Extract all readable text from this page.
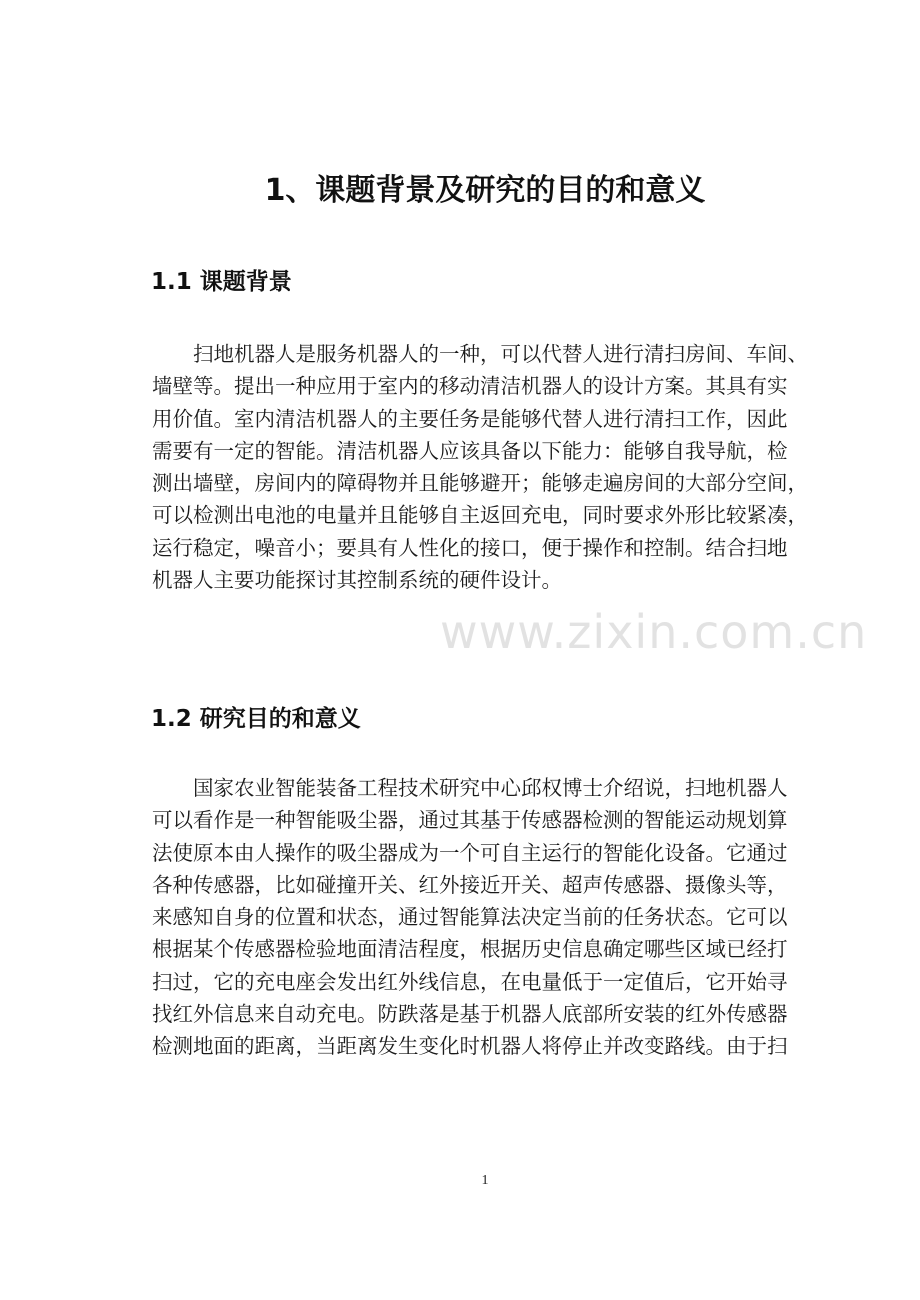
1、课题背景及研究的目的和意义
1.1 课题背景
扫地机器人是服务机器人的一种，可以代替人进行清扫房间、车间、
墙壁等。提出一种应用于室内的移动清洁机器人的设计方案。其具有实
用价值。室内清洁机器人的主要任务是能够代替人进行清扫工作，因此
需要有一定的智能。清洁机器人应该具备以下能力：能够自我导航，检
测出墙壁，房间内的障碍物并且能够避开；能够走遍房间的大部分空间，
可以检测出电池的电量并且能够自主返回充电，同时要求外形比较紧凑，
运行稳定，噪音小；要具有人性化的接口，便于操作和控制。结合扫地
机器人主要功能探讨其控制系统的硬件设计。
1.2 研究目的和意义
国家农业智能装备工程技术研究中心邱权博士介绍说，扫地机器人
可以看作是一种智能吸尘器，通过其基于传感器检测的智能运动规划算
法使原本由人操作的吸尘器成为一个可自主运行的智能化设备。它通过
各种传感器，比如碰撞开关、红外接近开关、超声传感器、摄像头等，
来感知自身的位置和状态，通过智能算法决定当前的任务状态。它可以
根据某个传感器检验地面清洁程度，根据历史信息确定哪些区域已经打
扫过，它的充电座会发出红外线信息，在电量低于一定值后，它开始寻
找红外信息来自动充电。防跌落是基于机器人底部所安装的红外传感器
检测地面的距离，当距离发生变化时机器人将停止并改变路线。由于扫
www.zixin.com.cn
1
